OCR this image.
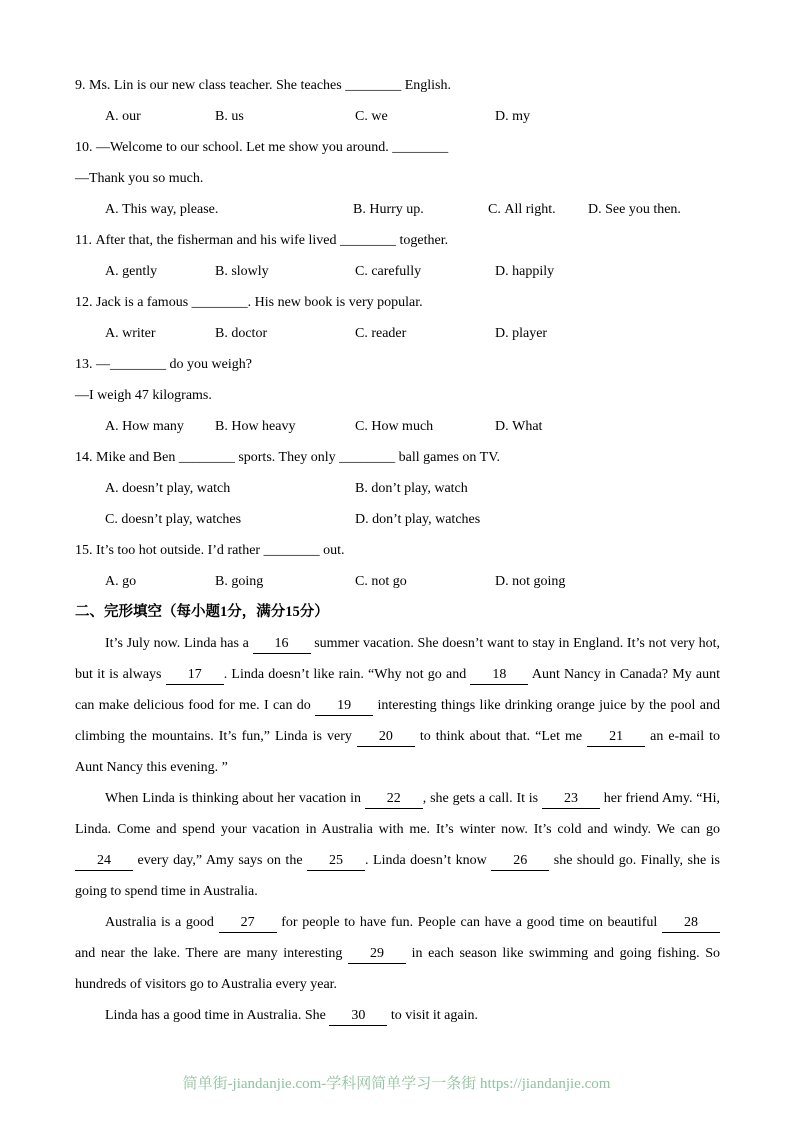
9. Ms. Lin is our new class teacher. She teaches ________ English.
A. our	B. us	C. we	D. my
10. —Welcome to our school. Let me show you around. ________
—Thank you so much.
A. This way, please.	B. Hurry up.	C. All right. D. See you then.
11. After that, the fisherman and his wife lived ________ together.
A. gently	B. slowly	C. carefully	D. happily
12. Jack is a famous ________. His new book is very popular.
A. writer	B. doctor	C. reader	D. player
13. —________ do you weigh?
—I weigh 47 kilograms.
A. How many B. How heavy	C. How much	D. What
14. Mike and Ben ________ sports. They only ________ ball games on TV.
A. doesn’t play, watch	B. don’t play, watch
C. doesn’t play, watches	D. don’t play, watches
15. It’s too hot outside. I’d rather ________ out.
A. go	B. going	C. not go	D. not going
二、完形填空（每小题1分，满分15分）

It’s July now. Linda has a 16 summer vacation. She doesn’t want to stay in England. It’s not very hot, but it is always 17 . Linda doesn’t like rain. “Why not go and 18 Aunt Nancy in Canada? My aunt can make delicious food for me. I can do 19 interesting things like drinking orange juice by the pool and climbing the mountains. It’s fun,” Linda is very 20 to think about that. “Let me 21 an e-mail to Aunt Nancy this evening. ”

When Linda is thinking about her vacation in 22 , she gets a call. It is 23 her friend Amy. “Hi, Linda. Come and spend your vacation in Australia with me. It’s winter now. It’s cold and windy. We can go 24 every day,” Amy says on the 25 . Linda doesn’t know 26 she should go. Finally, she is going to spend time in Australia.

Australia is a good 27 for people to have fun. People can have a good time on beautiful 28 and near the lake. There are many interesting 29 in each season like swimming and going fishing. So hundreds of visitors go to Australia every year.

Linda has a good time in Australia. She 30 to visit it again.

简单街-jiandanjie.com-学科网简单学习一条街 https://jiandanjie.com
